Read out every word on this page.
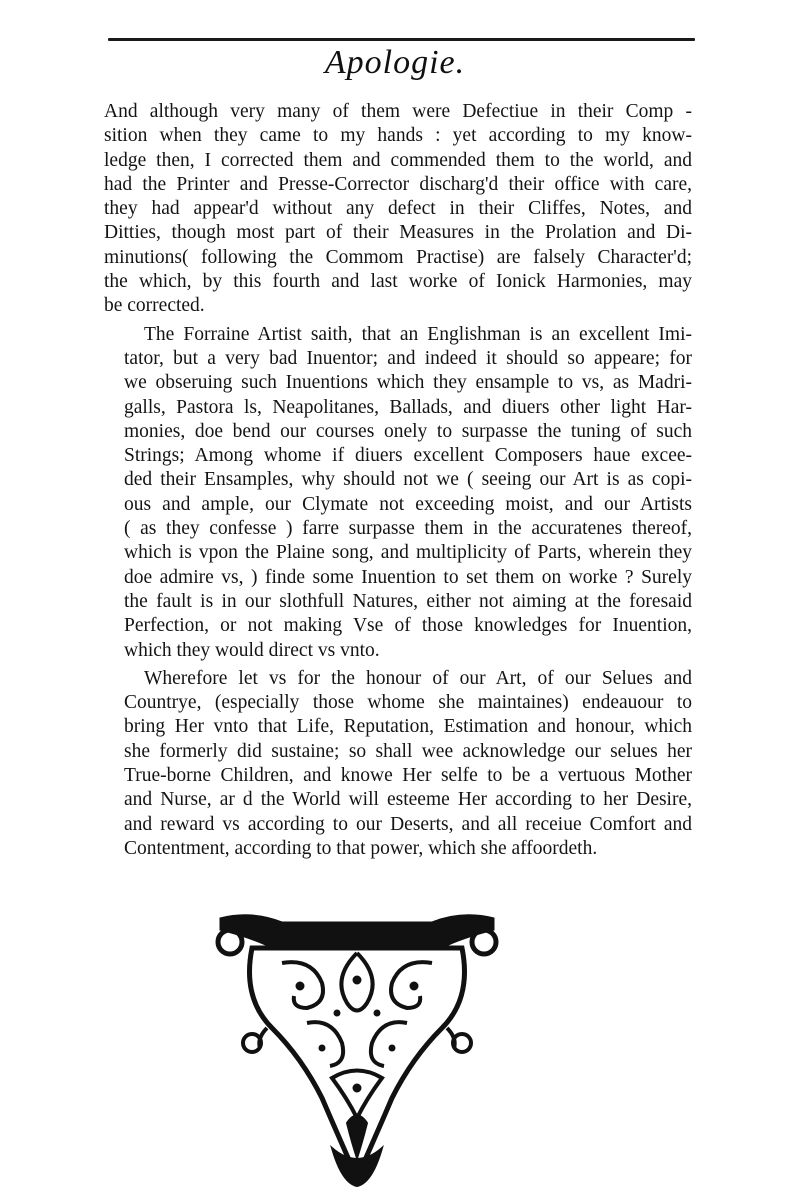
Apologie.

And although very many of them were Defectiue in their Comp -
sition when they came to my hands : yet according to my know-
ledge then, I corrected them and commended them to the world, and
had the Printer and Presse-Corrector discharg'd their office with care,
they had appear'd without any defect in their Cliffes, Notes, and
Ditties, though most part of their Measures in the Prolation and Di-
minutions( following the Commom Practise) are falsely Character'd;
the which, by this fourth and last worke of Ionick Harmonies, may
be corrected.

The Forraine Artist saith, that an Englishman is an excellent Imi-
tator, but a very bad Inuentor; and indeed it should so appeare; for
we obseruing such Inuentions which they ensample to vs, as Madri-
galls, Pastora ls, Neapolitanes, Ballads, and diuers other light Har-
monies, doe bend our courses onely to surpasse the tuning of such
Strings; Among whome if diuers excellent Composers haue excee-
ded their Ensamples, why should not we ( seeing our Art is as copi-
ous and ample, our Clymate not exceeding moist, and our Artists
( as they confesse ) farre surpasse them in the accuratenes thereof,
which is vpon the Plaine song, and multiplicity of Parts, wherein they
doe admire vs, ) finde some Inuention to set them on worke ? Surely
the fault is in our slothfull Natures, either not aiming at the foresaid
Perfection, or not making Vse of those knowledges for Inuention,
which they would direct vs vnto.

Wherefore let vs for the honour of our Art, of our Selues and
Countrye, (especially those whome she maintaines) endeauour to
bring Her vnto that Life, Reputation, Estimation and honour, which
she formerly did sustaine; so shall wee acknowledge our selues her
True-borne Children, and knowe Her selfe to be a vertuous Mother
and Nurse, ar d the World will esteeme Her according to her Desire,
and reward vs according to our Deserts, and all receiue Comfort and
Contentment, according to that power, which she affoordeth.
